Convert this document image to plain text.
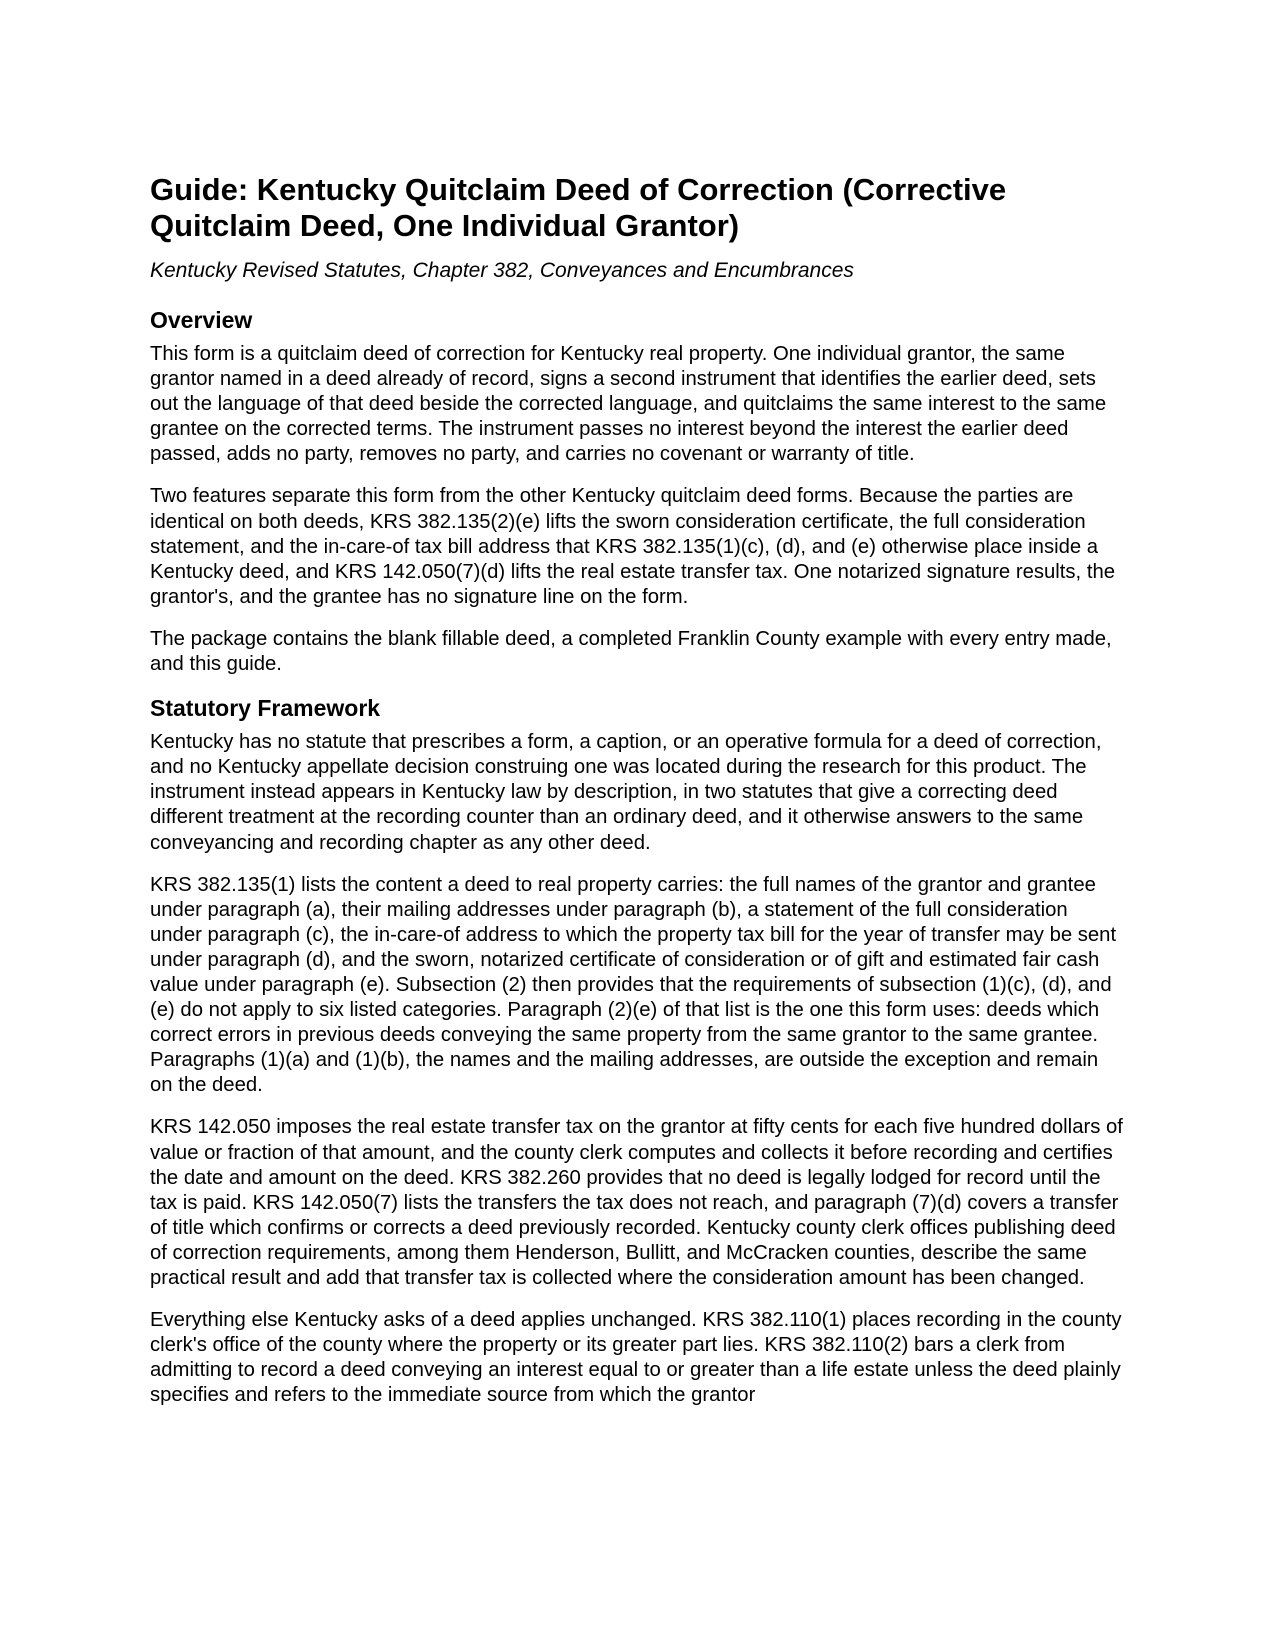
Guide: Kentucky Quitclaim Deed of Correction (Corrective Quitclaim Deed, One Individual Grantor)
Kentucky Revised Statutes, Chapter 382, Conveyances and Encumbrances
Overview

This form is a quitclaim deed of correction for Kentucky real property. One individual grantor, the same grantor named in a deed already of record, signs a second instrument that identifies the earlier deed, sets out the language of that deed beside the corrected language, and quitclaims the same interest to the same grantee on the corrected terms. The instrument passes no interest beyond the interest the earlier deed passed, adds no party, removes no party, and carries no covenant or warranty of title.

Two features separate this form from the other Kentucky quitclaim deed forms. Because the parties are identical on both deeds, KRS 382.135(2)(e) lifts the sworn consideration certificate, the full consideration statement, and the in-care-of tax bill address that KRS 382.135(1)(c), (d), and (e) otherwise place inside a Kentucky deed, and KRS 142.050(7)(d) lifts the real estate transfer tax. One notarized signature results, the grantor's, and the grantee has no signature line on the form.

The package contains the blank fillable deed, a completed Franklin County example with every entry made, and this guide.

Statutory Framework

Kentucky has no statute that prescribes a form, a caption, or an operative formula for a deed of correction, and no Kentucky appellate decision construing one was located during the research for this product. The instrument instead appears in Kentucky law by description, in two statutes that give a correcting deed different treatment at the recording counter than an ordinary deed, and it otherwise answers to the same conveyancing and recording chapter as any other deed.

KRS 382.135(1) lists the content a deed to real property carries: the full names of the grantor and grantee under paragraph (a), their mailing addresses under paragraph (b), a statement of the full consideration under paragraph (c), the in-care-of address to which the property tax bill for the year of transfer may be sent under paragraph (d), and the sworn, notarized certificate of consideration or of gift and estimated fair cash value under paragraph (e). Subsection (2) then provides that the requirements of subsection (1)(c), (d), and (e) do not apply to six listed categories. Paragraph (2)(e) of that list is the one this form uses: deeds which correct errors in previous deeds conveying the same property from the same grantor to the same grantee. Paragraphs (1)(a) and (1)(b), the names and the mailing addresses, are outside the exception and remain on the deed.

KRS 142.050 imposes the real estate transfer tax on the grantor at fifty cents for each five hundred dollars of value or fraction of that amount, and the county clerk computes and collects it before recording and certifies the date and amount on the deed. KRS 382.260 provides that no deed is legally lodged for record until the tax is paid. KRS 142.050(7) lists the transfers the tax does not reach, and paragraph (7)(d) covers a transfer of title which confirms or corrects a deed previously recorded. Kentucky county clerk offices publishing deed of correction requirements, among them Henderson, Bullitt, and McCracken counties, describe the same practical result and add that transfer tax is collected where the consideration amount has been changed.

Everything else Kentucky asks of a deed applies unchanged. KRS 382.110(1) places recording in the county clerk's office of the county where the property or its greater part lies. KRS 382.110(2) bars a clerk from admitting to record a deed conveying an interest equal to or greater than a life estate unless the deed plainly specifies and refers to the immediate source from which the grantor
